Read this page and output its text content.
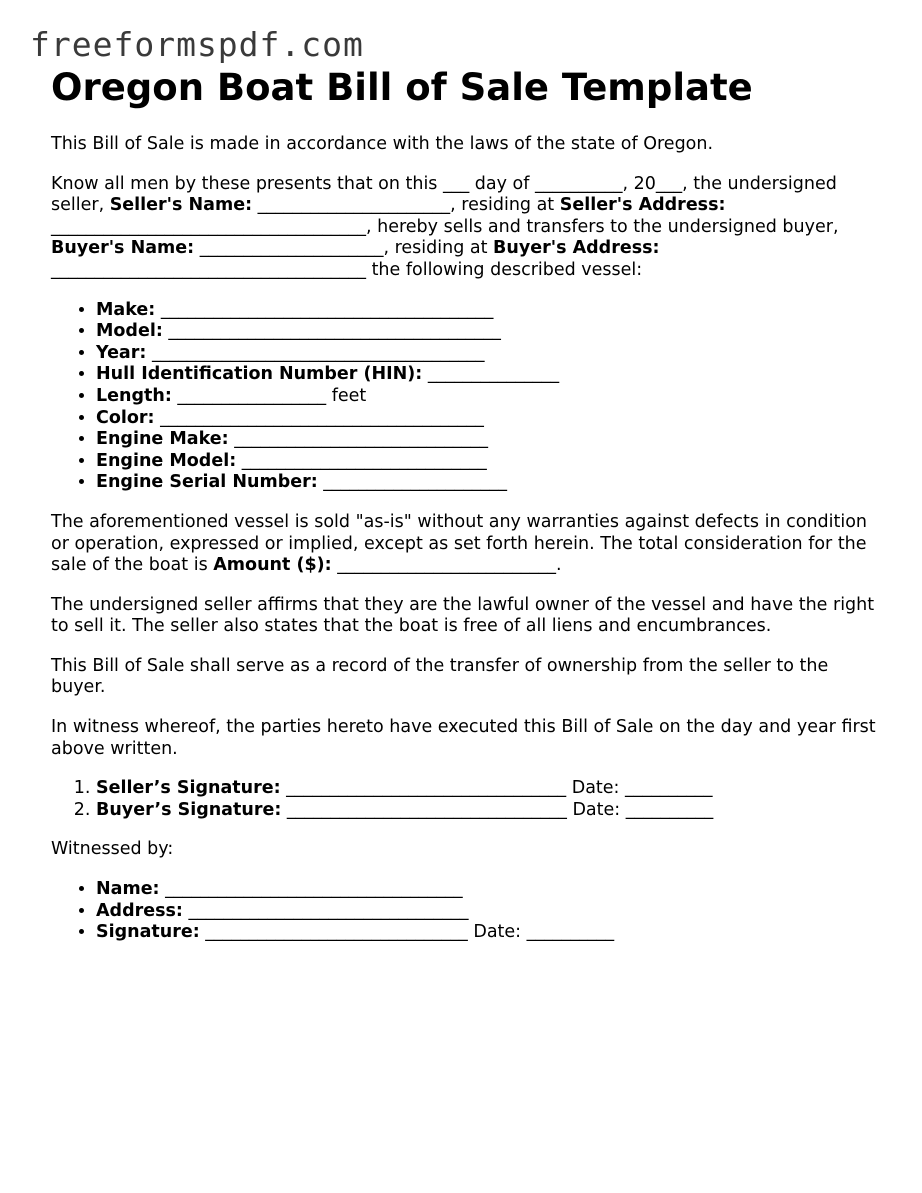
freeformspdf.com
Oregon Boat Bill of Sale Template

This Bill of Sale is made in accordance with the laws of the state of Oregon.

Know all men by these presents that on this ___ day of __________, 20___, the undersigned seller, Seller's Name: ______________________, residing at Seller's Address: ____________________________________, hereby sells and transfers to the undersigned buyer, Buyer's Name: _____________________, residing at Buyer's Address: ____________________________________ the following described vessel:

• Make: ______________________________________
• Model: ______________________________________
• Year: ______________________________________
• Hull Identification Number (HIN): _______________
• Length: _________________ feet
• Color: _____________________________________
• Engine Make: _____________________________
• Engine Model: ____________________________
• Engine Serial Number: _____________________

The aforementioned vessel is sold "as-is" without any warranties against defects in condition or operation, expressed or implied, except as set forth herein. The total consideration for the sale of the boat is Amount ($): _________________________.

The undersigned seller affirms that they are the lawful owner of the vessel and have the right to sell it. The seller also states that the boat is free of all liens and encumbrances.

This Bill of Sale shall serve as a record of the transfer of ownership from the seller to the buyer.

In witness whereof, the parties hereto have executed this Bill of Sale on the day and year first above written.

1. Seller’s Signature: ________________________________ Date: __________
2. Buyer’s Signature: ________________________________ Date: __________

Witnessed by:

• Name: __________________________________
• Address: ________________________________
• Signature: ______________________________ Date: __________
